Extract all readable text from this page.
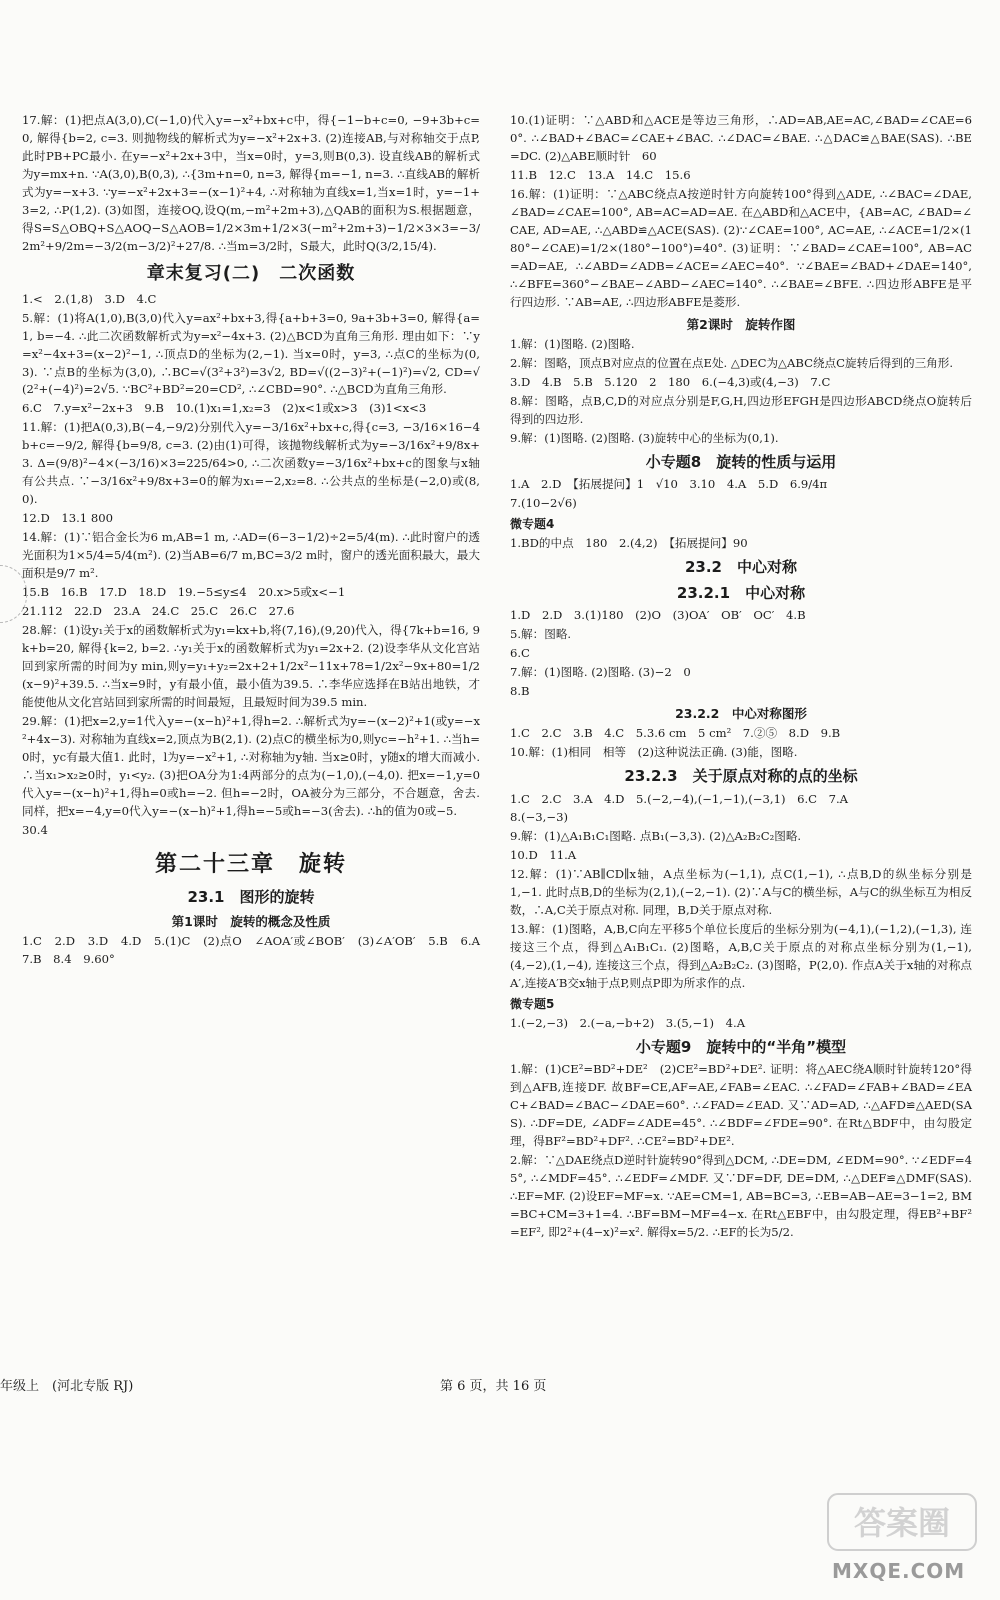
17.解：(1)把点A(3,0),C(−1,0)代入y=−x²+bx+c中，得{−1−b+c=0, −9+3b+c=0, 解得{b=2, c=3. 则抛物线的解析式为y=−x²+2x+3. (2)连接AB,与对称轴交于点P,此时PB+PC最小. 在y=−x²+2x+3中，当x=0时，y=3,则B(0,3). 设直线AB的解析式为y=mx+n. ∵A(3,0),B(0,3), ∴{3m+n=0, n=3, 解得{m=−1, n=3. ∴直线AB的解析式为y=−x+3. ∵y=−x²+2x+3=−(x−1)²+4, ∴对称轴为直线x=1,当x=1时，y=−1+3=2, ∴P(1,2). (3)如图，连接OQ,设Q(m,−m²+2m+3),△QAB的面积为S.根据题意，得S=S△OBQ+S△AOQ−S△AOB=1/2×3m+1/2×3(−m²+2m+3)−1/2×3×3=−3/2m²+9/2m=−3/2(m−3/2)²+27/8. ∴当m=3/2时，S最大，此时Q(3/2,15/4).
章末复习(二)　二次函数
1.<　2.(1,8)　3.D　4.C
5.解：(1)将A(1,0),B(3,0)代入y=ax²+bx+3,得{a+b+3=0, 9a+3b+3=0, 解得{a=1, b=−4. ∴此二次函数解析式为y=x²−4x+3. (2)△BCD为直角三角形. 理由如下：∵y=x²−4x+3=(x−2)²−1, ∴顶点D的坐标为(2,−1). 当x=0时，y=3, ∴点C的坐标为(0,3). ∵点B的坐标为(3,0), ∴BC=√(3²+3²)=3√2, BD=√((2−3)²+(−1)²)=√2, CD=√(2²+(−4)²)=2√5. ∵BC²+BD²=20=CD², ∴∠CBD=90°. ∴△BCD为直角三角形.
6.C　7.y=x²−2x+3　9.B　10.(1)x₁=1,x₂=3　(2)x<1或x>3　(3)1<x<3
11.解：(1)把A(0,3),B(−4,−9/2)分别代入y=−3/16x²+bx+c,得{c=3, −3/16×16−4b+c=−9/2, 解得{b=9/8, c=3. (2)由(1)可得，该抛物线解析式为y=−3/16x²+9/8x+3. Δ=(9/8)²−4×(−3/16)×3=225/64>0, ∴二次函数y=−3/16x²+bx+c的图象与x轴有公共点. ∵−3/16x²+9/8x+3=0的解为x₁=−2,x₂=8. ∴公共点的坐标是(−2,0)或(8,0).
12.D　13.1 800
14.解：(1)∵铝合金长为6 m,AB=1 m, ∴AD=(6−3−1/2)÷2=5/4(m). ∴此时窗户的透光面积为1×5/4=5/4(m²). (2)当AB=6/7 m,BC=3/2 m时，窗户的透光面积最大，最大面积是9/7 m².
15.B　16.B　17.D　18.D　19.−5≤y≤4　20.x>5或x<−1
21.112　22.D　23.A　24.C　25.C　26.C　27.6
28.解：(1)设y₁关于x的函数解析式为y₁=kx+b,将(7,16),(9,20)代入，得{7k+b=16, 9k+b=20, 解得{k=2, b=2. ∴y₁关于x的函数解析式为y₁=2x+2. (2)设李华从文化宫站回到家所需的时间为y min,则y=y₁+y₂=2x+2+1/2x²−11x+78=1/2x²−9x+80=1/2(x−9)²+39.5. ∴当x=9时，y有最小值，最小值为39.5. ∴李华应选择在B站出地铁，才能使他从文化宫站回到家所需的时间最短，且最短时间为39.5 min.
29.解：(1)把x=2,y=1代入y=−(x−h)²+1,得h=2. ∴解析式为y=−(x−2)²+1(或y=−x²+4x−3). 对称轴为直线x=2,顶点为B(2,1). (2)点C的横坐标为0,则yc=−h²+1. ∴当h=0时，yc有最大值1. 此时，l为y=−x²+1, ∴对称轴为y轴. 当x≥0时，y随x的增大而减小. ∴当x₁>x₂≥0时，y₁<y₂. (3)把OA分为1:4两部分的点为(−1,0),(−4,0). 把x=−1,y=0代入y=−(x−h)²+1,得h=0或h=−2. 但h=−2时，OA被分为三部分，不合题意，舍去. 同样，把x=−4,y=0代入y=−(x−h)²+1,得h=−5或h=−3(舍去). ∴h的值为0或−5.
30.4
第二十三章　旋转
23.1　图形的旋转
第1课时　旋转的概念及性质
1.C　2.D　3.D　4.D　5.(1)C　(2)点O　∠AOA′或∠BOB′　(3)∠A′OB′　5.B　6.A　7.B　8.4　9.60°
10.(1)证明：∵△ABD和△ACE是等边三角形，∴AD=AB,AE=AC,∠BAD=∠CAE=60°. ∴∠BAD+∠BAC=∠CAE+∠BAC. ∴∠DAC=∠BAE. ∴△DAC≌△BAE(SAS). ∴BE=DC. (2)△ABE顺时针　60
11.B　12.C　13.A　14.C　15.6
16.解：(1)证明：∵△ABC绕点A按逆时针方向旋转100°得到△ADE, ∴∠BAC=∠DAE, ∠BAD=∠CAE=100°, AB=AC=AD=AE. 在△ABD和△ACE中，{AB=AC, ∠BAD=∠CAE, AD=AE, ∴△ABD≌△ACE(SAS). (2)∵∠CAE=100°, AC=AE, ∴∠ACE=1/2×(180°−∠CAE)=1/2×(180°−100°)=40°. (3)证明：∵∠BAD=∠CAE=100°, AB=AC=AD=AE, ∴∠ABD=∠ADB=∠ACE=∠AEC=40°. ∵∠BAE=∠BAD+∠DAE=140°, ∴∠BFE=360°−∠BAE−∠ABD−∠AEC=140°. ∴∠BAE=∠BFE. ∴四边形ABFE是平行四边形. ∵AB=AE, ∴四边形ABFE是菱形.
第2课时　旋转作图
1.解：(1)图略. (2)图略.
2.解：图略，顶点B对应点的位置在点E处. △DEC为△ABC绕点C旋转后得到的三角形.
3.D　4.B　5.B　5.120　2　180　6.(−4,3)或(4,−3)　7.C
8.解：图略，点B,C,D的对应点分别是F,G,H,四边形EFGH是四边形ABCD绕点O旋转后得到的四边形.
9.解：(1)图略. (2)图略. (3)旋转中心的坐标为(0,1).
小专题8　旋转的性质与运用
1.A　2.D　【拓展提问】1　√10　3.10　4.A　5.D　6.9/4π
7.(10−2√6)
微专题4
1.BD的中点　180　2.(4,2)　【拓展提问】90
23.2　中心对称
23.2.1　中心对称
1.D　2.D　3.(1)180　(2)O　(3)OA′　OB′　OC′　4.B
5.解：图略.
6.C
7.解：(1)图略. (2)图略. (3)−2　0
8.B
23.2.2　中心对称图形
1.C　2.C　3.B　4.C　5.3.6 cm　5 cm²　7.②⑤　8.D　9.B
10.解：(1)相同　相等　(2)这种说法正确. (3)能，图略.
23.2.3　关于原点对称的点的坐标
1.C　2.C　3.A　4.D　5.(−2,−4),(−1,−1),(−3,1)　6.C　7.A
8.(−3,−3)
9.解：(1)△A₁B₁C₁图略. 点B₁(−3,3). (2)△A₂B₂C₂图略.
10.D　11.A
12.解：(1)∵AB∥CD∥x轴，A点坐标为(−1,1), 点C(1,−1), ∴点B,D的纵坐标分别是1,−1. 此时点B,D的坐标为(2,1),(−2,−1). (2)∵A与C的横坐标，A与C的纵坐标互为相反数，∴A,C关于原点对称. 同理，B,D关于原点对称.
13.解：(1)图略，A,B,C向左平移5个单位长度后的坐标分别为(−4,1),(−1,2),(−1,3), 连接这三个点，得到△A₁B₁C₁. (2)图略，A,B,C关于原点的对称点坐标分别为(1,−1),(4,−2),(1,−4), 连接这三个点，得到△A₂B₂C₂. (3)图略，P(2,0). 作点A关于x轴的对称点A′,连接A′B交x轴于点P,则点P即为所求作的点.
微专题5
1.(−2,−3)　2.(−a,−b+2)　3.(5,−1)　4.A
小专题9　旋转中的“半角”模型
1.解：(1)CE²=BD²+DE²　(2)CE²=BD²+DE². 证明：将△AEC绕A顺时针旋转120°得到△AFB,连接DF. 故BF=CE,AF=AE,∠FAB=∠EAC. ∴∠FAD=∠FAB+∠BAD=∠EAC+∠BAD=∠BAC−∠DAE=60°. ∴∠FAD=∠EAD. 又∵AD=AD, ∴△AFD≌△AED(SAS). ∴DF=DE, ∠ADF=∠ADE=45°. ∴∠BDF=∠FDE=90°. 在Rt△BDF中，由勾股定理，得BF²=BD²+DF². ∴CE²=BD²+DE².
2.解：∵△DAE绕点D逆时针旋转90°得到△DCM, ∴DE=DM, ∠EDM=90°. ∵∠EDF=45°, ∴∠MDF=45°. ∴∠EDF=∠MDF. 又∵DF=DF, DE=DM, ∴△DEF≌△DMF(SAS). ∴EF=MF. (2)设EF=MF=x. ∵AE=CM=1, AB=BC=3, ∴EB=AB−AE=3−1=2, BM=BC+CM=3+1=4. ∴BF=BM−MF=4−x. 在Rt△EBF中，由勾股定理，得EB²+BF²=EF², 即2²+(4−x)²=x². 解得x=5/2. ∴EF的长为5/2.
年级上　(河北专版 RJ)	第 6 页，共 16 页
答案圈
MXQE.COM
